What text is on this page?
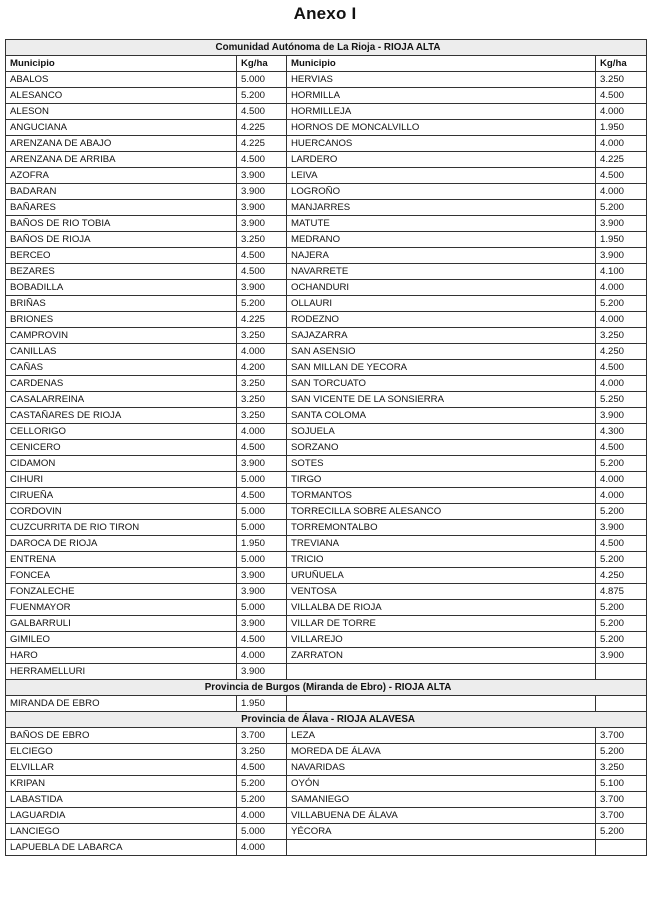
Anexo I
Comunidad Autónoma de La Rioja - RIOJA ALTA			
Municipio	Kg/ha	Municipio	Kg/ha
ABALOS	5.000	HERVIAS	3.250
ALESANCO	5.200	HORMILLA	4.500
ALESON	4.500	HORMILLEJA	4.000
ANGUCIANA	4.225	HORNOS DE MONCALVILLO	1.950
ARENZANA DE ABAJO	4.225	HUERCANOS	4.000
ARENZANA DE ARRIBA	4.500	LARDERO	4.225
AZOFRA	3.900	LEIVA	4.500
BADARAN	3.900	LOGROÑO	4.000
BAÑARES	3.900	MANJARRES	5.200
BAÑOS DE RIO TOBIA	3.900	MATUTE	3.900
BAÑOS DE RIOJA	3.250	MEDRANO	1.950
BERCEO	4.500	NAJERA	3.900
BEZARES	4.500	NAVARRETE	4.100
BOBADILLA	3.900	OCHANDURI	4.000
BRIÑAS	5.200	OLLAURI	5.200
BRIONES	4.225	RODEZNO	4.000
CAMPROVIN	3.250	SAJAZARRA	3.250
CANILLAS	4.000	SAN ASENSIO	4.250
CAÑAS	4.200	SAN MILLAN DE YECORA	4.500
CARDENAS	3.250	SAN TORCUATO	4.000
CASALARREINA	3.250	SAN VICENTE DE LA SONSIERRA	5.250
CASTAÑARES DE RIOJA	3.250	SANTA COLOMA	3.900
CELLORIGO	4.000	SOJUELA	4.300
CENICERO	4.500	SORZANO	4.500
CIDAMON	3.900	SOTES	5.200
CIHURI	5.000	TIRGO	4.000
CIRUEÑA	4.500	TORMANTOS	4.000
CORDOVIN	5.000	TORRECILLA SOBRE ALESANCO	5.200
CUZCURRITA DE RIO TIRON	5.000	TORREMONTALBO	3.900
DAROCA DE RIOJA	1.950	TREVIANA	4.500
ENTRENA	5.000	TRICIO	5.200
FONCEA	3.900	URUÑUELA	4.250
FONZALECHE	3.900	VENTOSA	4.875
FUENMAYOR	5.000	VILLALBA DE RIOJA	5.200
GALBARRULI	3.900	VILLAR DE TORRE	5.200
GIMILEO	4.500	VILLAREJO	5.200
HARO	4.000	ZARRATON	3.900
HERRAMELLURI	3.900		
Provincia de Burgos (Miranda de Ebro) - RIOJA ALTA			
MIRANDA DE EBRO	1.950		
Provincia de Álava - RIOJA ALAVESA			
BAÑOS DE EBRO	3.700	LEZA	3.700
ELCIEGO	3.250	MOREDA DE ÁLAVA	5.200
ELVILLAR	4.500	NAVARIDAS	3.250
KRIPAN	5.200	OYÓN	5.100
LABASTIDA	5.200	SAMANIEGO	3.700
LAGUARDIA	4.000	VILLABUENA DE ÁLAVA	3.700
LANCIEGO	5.000	YÉCORA	5.200
LAPUEBLA DE LABARCA	4.000		
